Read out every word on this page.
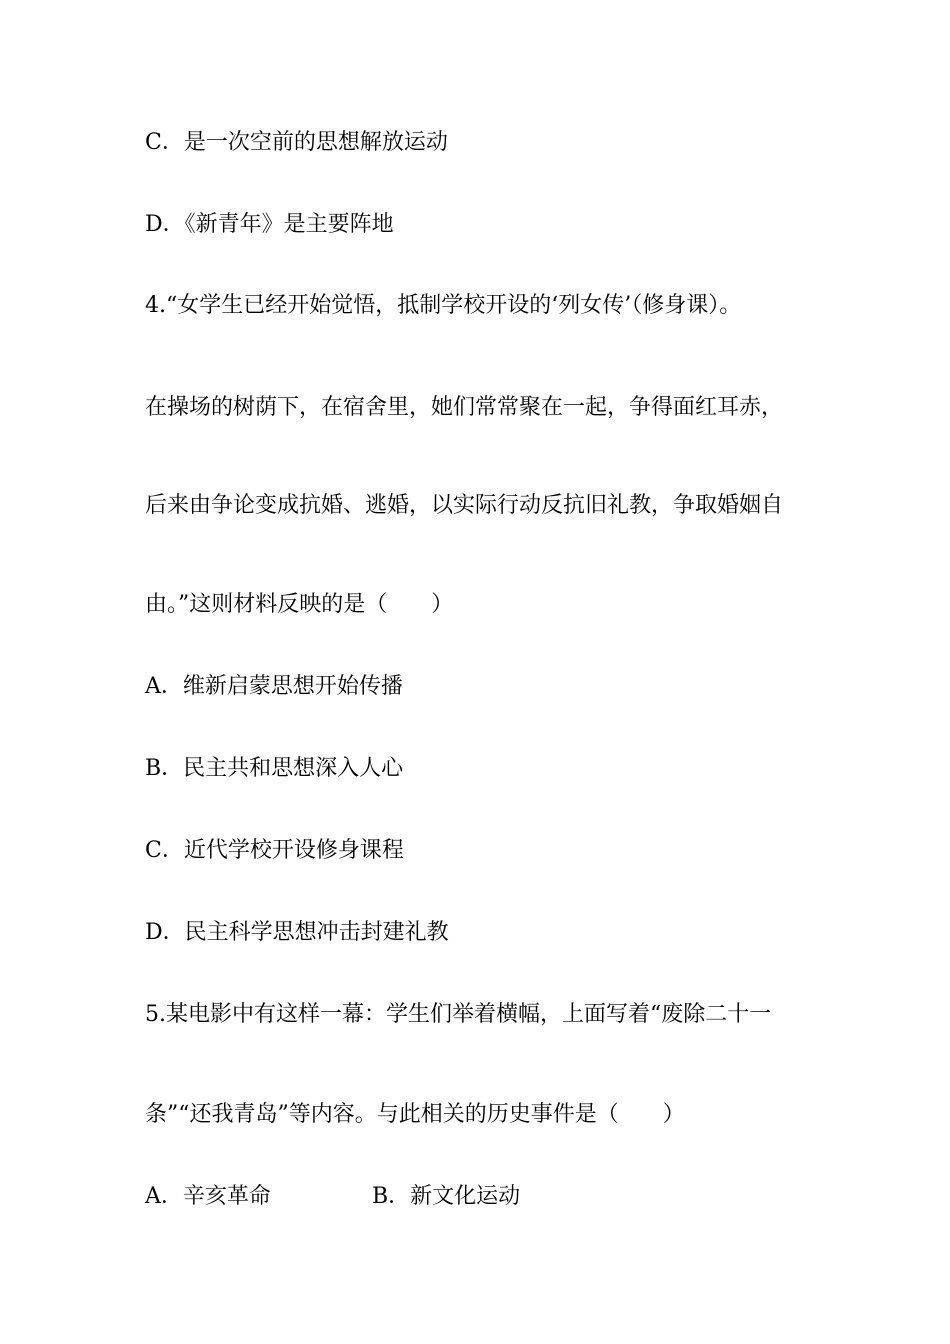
C．是一次空前的思想解放运动
D．《新青年》是主要阵地
4.“女学生已经开始觉悟，抵制学校开设的‘列女传’（修身课）。
在操场的树荫下，在宿舍里，她们常常聚在一起，争得面红耳赤，
后来由争论变成抗婚、逃婚，以实际行动反抗旧礼教，争取婚姻自
由。”这则材料反映的是（　　）
A．维新启蒙思想开始传播
B．民主共和思想深入人心
C．近代学校开设修身课程
D．民主科学思想冲击封建礼教
5.某电影中有这样一幕：学生们举着横幅，上面写着“废除二十一
条”“还我青岛”等内容。与此相关的历史事件是（　　）
A．辛亥革命	B．新文化运动
